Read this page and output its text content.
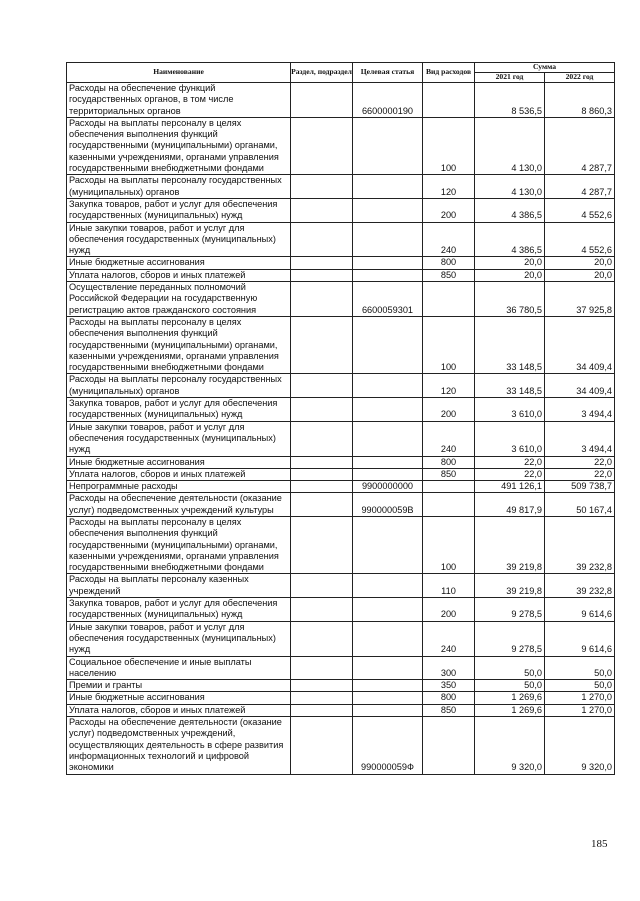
Наименование	Раздел, подраздел	Целевая статья	Вид расходов	Сумма	
				2021 год	2022 год
Расходы на обеспечение функций государственных органов, в том числе территориальных органов		6600000190		8 536,5	8 860,3
Расходы на выплаты персоналу в целях обеспечения выполнения функций государственными (муниципальными) органами, казенными учреждениями, органами управления государственными внебюджетными фондами			100	4 130,0	4 287,7
Расходы на выплаты персоналу государственных (муниципальных) органов			120	4 130,0	4 287,7
Закупка товаров, работ и услуг для обеспечения государственных (муниципальных) нужд			200	4 386,5	4 552,6
Иные закупки товаров, работ и услуг для обеспечения государственных (муниципальных) нужд			240	4 386,5	4 552,6
Иные бюджетные ассигнования			800	20,0	20,0
Уплата налогов, сборов и иных платежей			850	20,0	20,0
Осуществление переданных полномочий Российской Федерации на государственную регистрацию актов гражданского состояния		6600059301		36 780,5	37 925,8
Расходы на выплаты персоналу в целях обеспечения выполнения функций государственными (муниципальными) органами, казенными учреждениями, органами управления государственными внебюджетными фондами			100	33 148,5	34 409,4
Расходы на выплаты персоналу государственных (муниципальных) органов			120	33 148,5	34 409,4
Закупка товаров, работ и услуг для обеспечения государственных (муниципальных) нужд			200	3 610,0	3 494,4
Иные закупки товаров, работ и услуг для обеспечения государственных (муниципальных) нужд			240	3 610,0	3 494,4
Иные бюджетные ассигнования			800	22,0	22,0
Уплата налогов, сборов и иных платежей			850	22,0	22,0
Непрограммные расходы		9900000000		491 126,1	509 738,7
Расходы на обеспечение деятельности (оказание услуг) подведомственных учреждений культуры		990000059В		49 817,9	50 167,4
Расходы на выплаты персоналу в целях обеспечения выполнения функций государственными (муниципальными) органами, казенными учреждениями, органами управления государственными внебюджетными фондами			100	39 219,8	39 232,8
Расходы на выплаты персоналу казенных учреждений			110	39 219,8	39 232,8
Закупка товаров, работ и услуг для обеспечения государственных (муниципальных) нужд			200	9 278,5	9 614,6
Иные закупки товаров, работ и услуг для обеспечения государственных (муниципальных) нужд			240	9 278,5	9 614,6
Социальное обеспечение и иные выплаты населению			300	50,0	50,0
Премии и гранты			350	50,0	50,0
Иные бюджетные ассигнования			800	1 269,6	1 270,0
Уплата налогов, сборов и иных платежей			850	1 269,6	1 270,0
Расходы на обеспечение деятельности (оказание услуг) подведомственных учреждений, осуществляющих деятельность в сфере развития информационных технологий и цифровой экономики		990000059Ф		9 320,0	9 320,0
185
